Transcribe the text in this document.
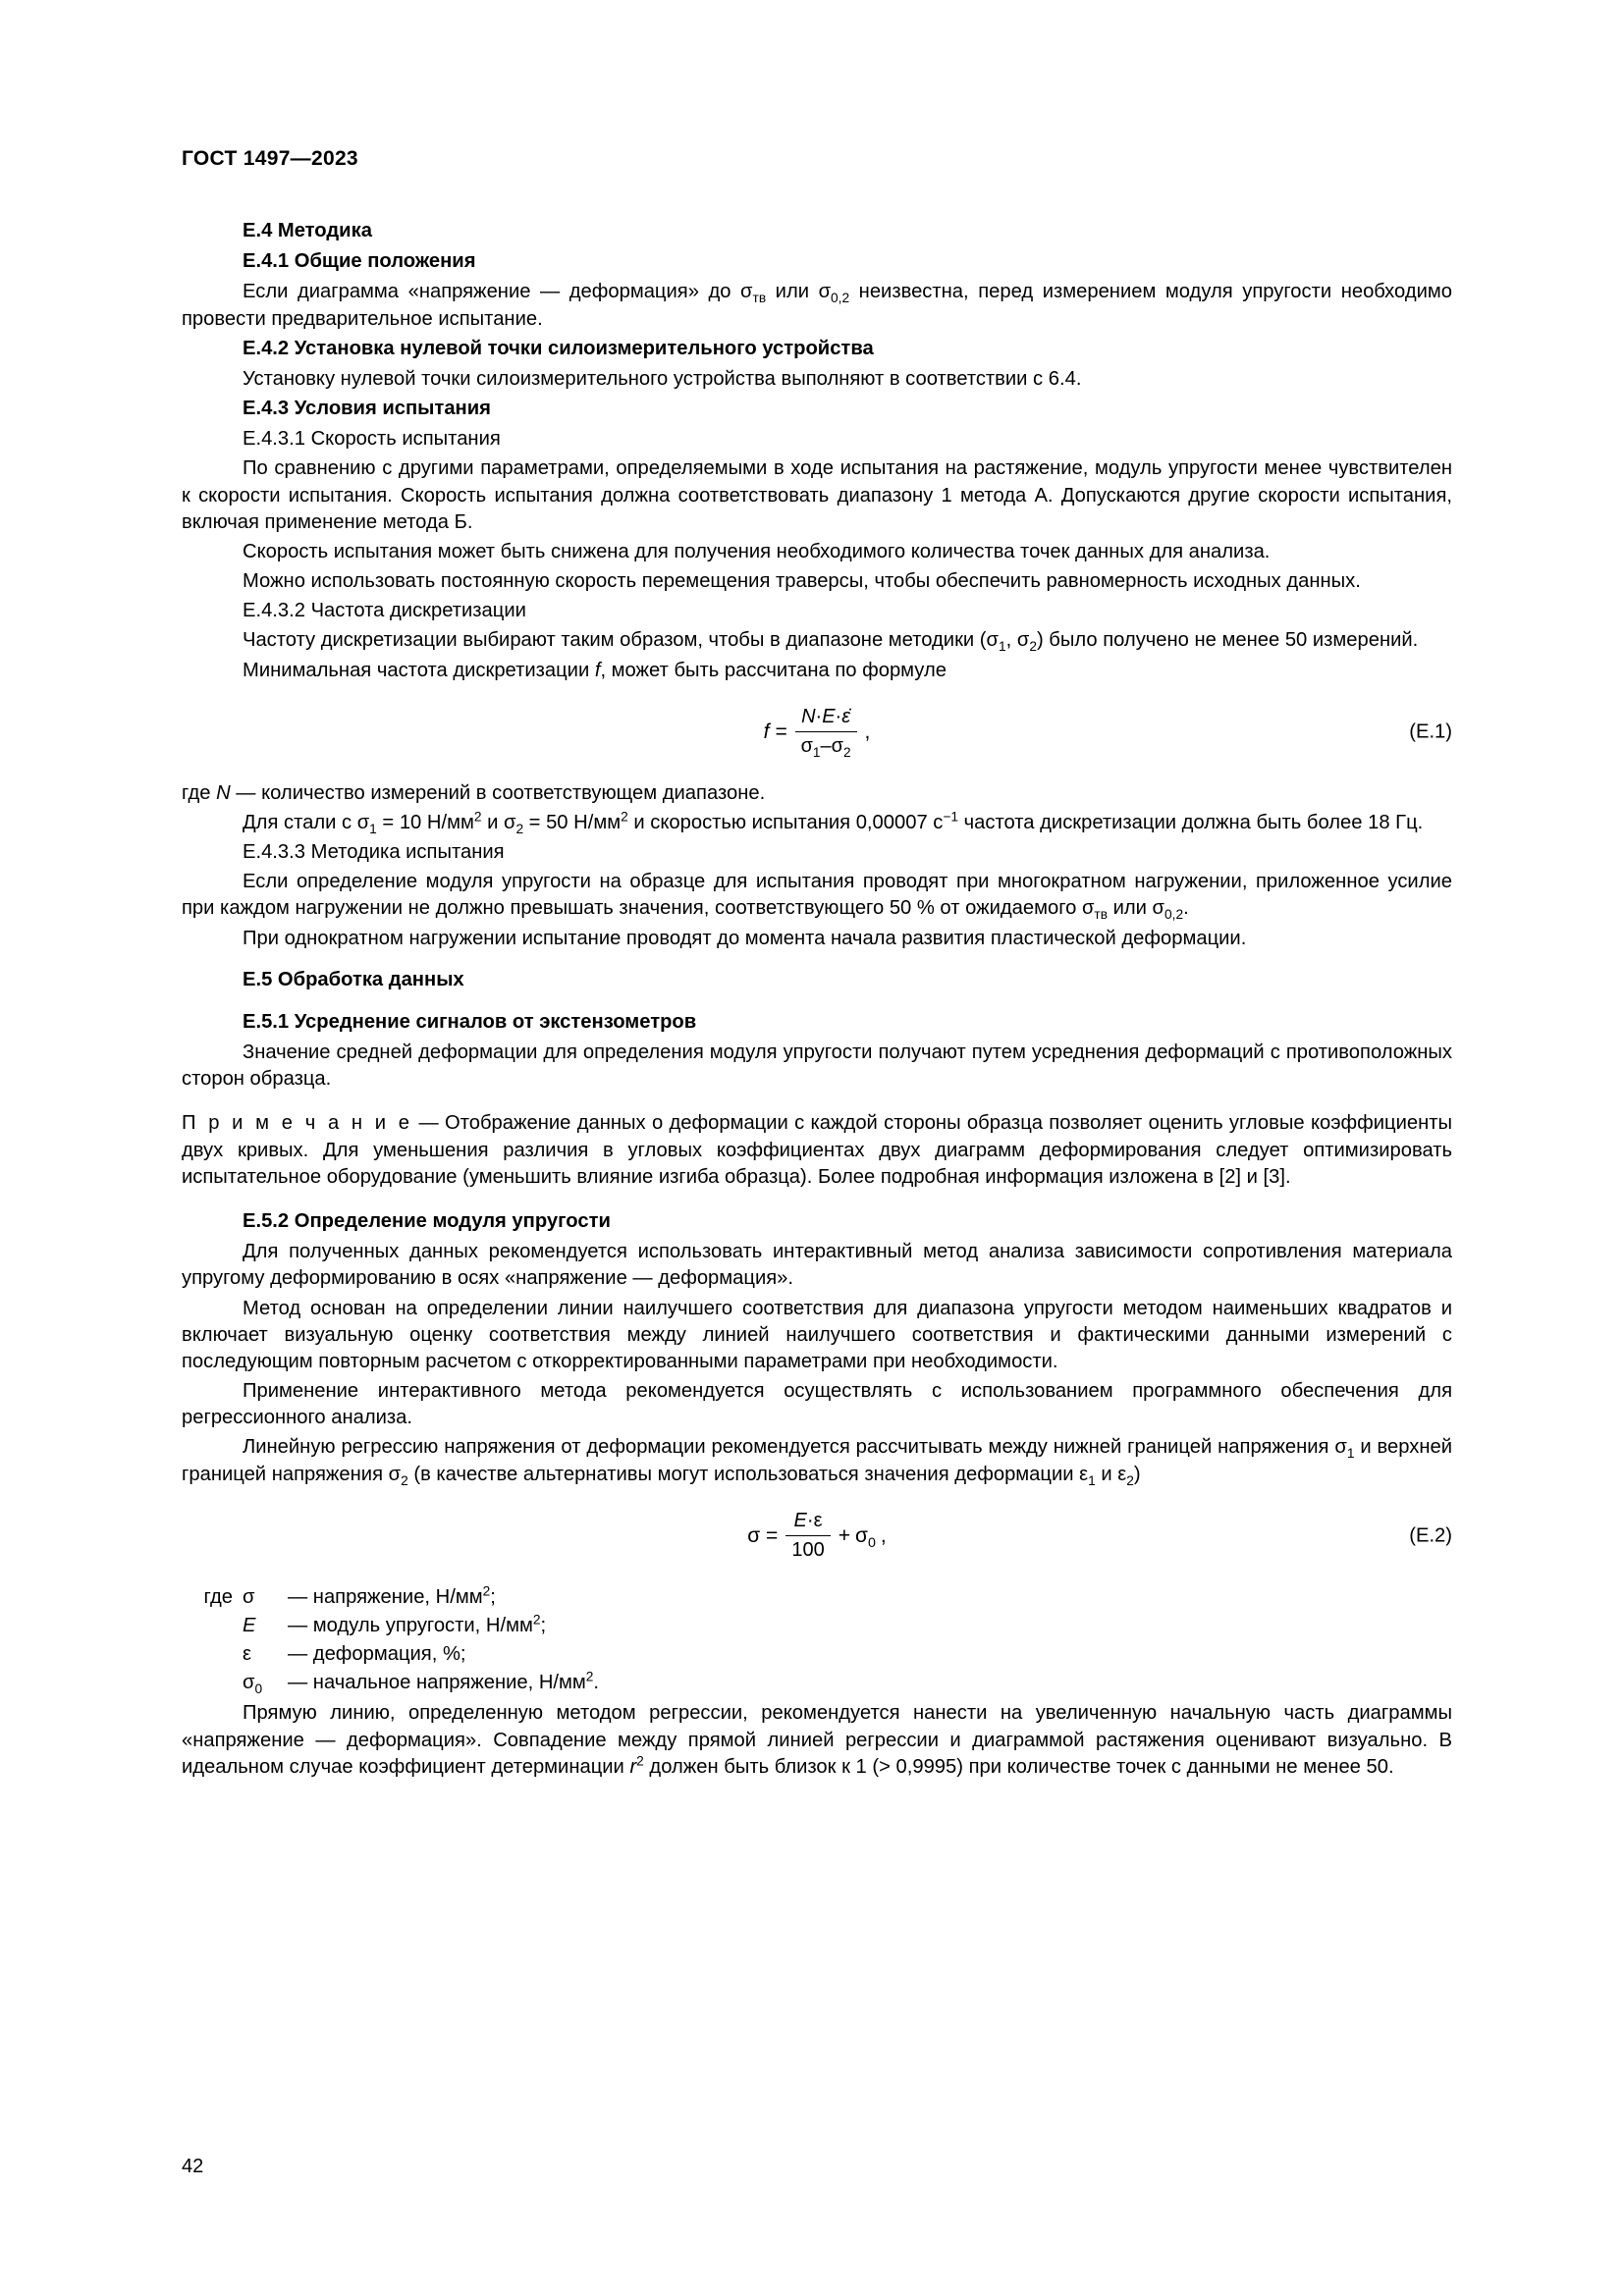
ГОСТ 1497—2023
E.4 Методика
E.4.1 Общие положения

Если диаграмма «напряжение — деформация» до $\sigma_{тв}$ или $\sigma_{0,2}$ неизвестна, перед измерением модуля упругости необходимо провести предварительное испытание.

E.4.2 Установка нулевой точки силоизмерительного устройства

Установку нулевой точки силоизмерительного устройства выполняют в соответствии с 6.4.

E.4.3 Условия испытания
E.4.3.1 Скорость испытания

По сравнению с другими параметрами, определяемыми в ходе испытания на растяжение, модуль упругости менее чувствителен к скорости испытания. Скорость испытания должна соответствовать диапазону 1 метода А. Допускаются другие скорости испытания, включая применение метода Б.

Скорость испытания может быть снижена для получения необходимого количества точек данных для анализа.

Можно использовать постоянную скорость перемещения траверсы, чтобы обеспечить равномерность исходных данных.

E.4.3.2 Частота дискретизации

Частоту дискретизации выбирают таким образом, чтобы в диапазоне методики ($\sigma_1$, $\sigma_2$) было получено не менее 50 измерений.

Минимальная частота дискретизации f, может быть рассчитана по формуле

$f = \frac{N\cdot E\cdot\varepsiloṅ}{\sigma_1-\sigma_2}$ ,	(E.1)

где N — количество измерений в соответствующем диапазоне.

Для стали с $\sigma_1 = 10$ $Н/мм^2$ и $\sigma_2 = 50$ $Н/мм^2$ и скоростью испытания 0,00007 $с^{-1}$ частота дискретизации должна быть более 18 Гц.

E.4.3.3 Методика испытания

Если определение модуля упругости на образце для испытания проводят при многократном нагружении, приложенное усилие при каждом нагружении не должно превышать значения, соответствующего 50 % от ожидаемого $\sigma_{тв}$ или $\sigma_{0,2}$.

При однократном нагружении испытание проводят до момента начала развития пластической деформации.

E.5 Обработка данных
E.5.1 Усреднение сигналов от экстензометров

Значение средней деформации для определения модуля упругости получают путем усреднения деформаций с противоположных сторон образца.

П р и м е ч а н и е — Отображение данных о деформации с каждой стороны образца позволяет оценить угловые коэффициенты двух кривых. Для уменьшения различия в угловых коэффициентах двух диаграмм деформирования следует оптимизировать испытательное оборудование (уменьшить влияние изгиба образца). Более подробная информация изложена в [2] и [3].
E.5.2 Определение модуля упругости

Для полученных данных рекомендуется использовать интерактивный метод анализа зависимости сопротивления материала упругому деформированию в осях «напряжение — деформация».

Метод основан на определении линии наилучшего соответствия для диапазона упругости методом наименьших квадратов и включает визуальную оценку соответствия между линией наилучшего соответствия и фактическими данными измерений с последующим повторным расчетом с откорректированными параметрами при необходимости.

Применение интерактивного метода рекомендуется осуществлять с использованием программного обеспечения для регрессионного анализа.

Линейную регрессию напряжения от деформации рекомендуется рассчитывать между нижней границей напряжения $\sigma_1$ и верхней границей напряжения $\sigma_2$ (в качестве альтернативы могут использоваться значения деформации $\varepsilon_1$ и $\varepsilon_2$)

$\sigma = \frac{E\cdot\varepsilon}{100} + \sigma_0$ ,	(E.2)
где σ — напряжение, $Н/мм^2$;
E — модуль упругости, $Н/мм^2$;
ε — деформация, %;
$\sigma_0$ — начальное напряжение, $Н/мм^2$.

Прямую линию, определенную методом регрессии, рекомендуется нанести на увеличенную начальную часть диаграммы «напряжение — деформация». Совпадение между прямой линией регрессии и диаграммой растяжения оценивают визуально. В идеальном случае коэффициент детерминации $r^2$ должен быть близок к 1 (> 0,9995) при количестве точек с данными не менее 50.

42
